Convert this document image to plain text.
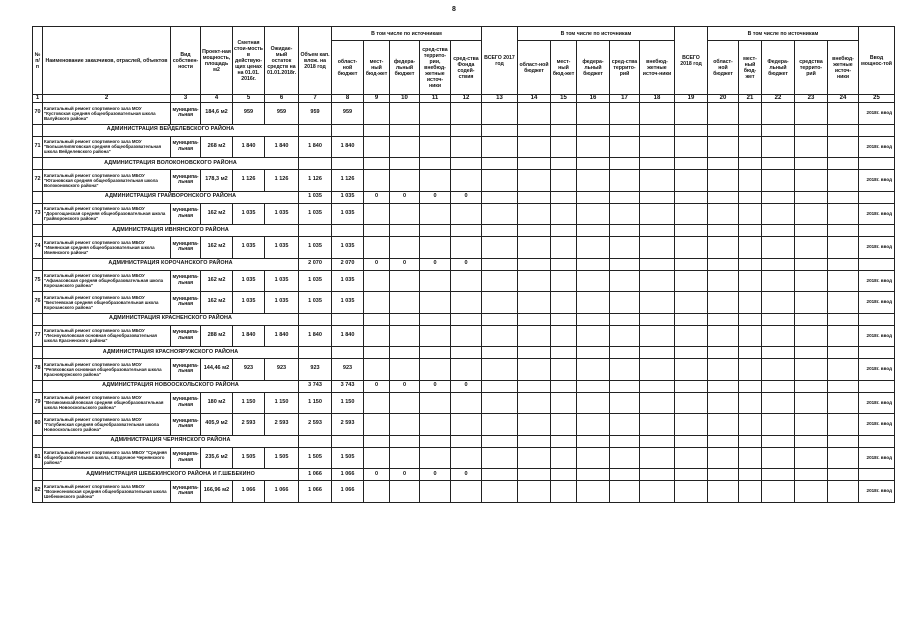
8
№ п/п	Наименование заказчиков, отраслей, объектов	Вид собствен-ности	Проект-ная мощность, площадь м2	Сметная стои-мость в действую-щих ценах на 01.01. 2016г.	Ожидае-мый остаток средств на 01.01.2018г.	Объем кап. влож. на 2018 год	В том числе по источникам					ВСЕГО 2017 год	В том числе по источникам					ВСЕГО 2018 год	В том числе по источникам					Ввод мощнос-той
							област-ной бюджет	мест-ный бюд-жет	федера-льный бюджет	сред-ства террито-рии, внебюд-жетные источ-ники	сред-ства Фонда содей-ствия		област-ной бюджет	мест-ный бюд-жет	федера-льный бюджет	сред-ства террито-рий	внебюд-жетные источ-ники		област-ной бюджет	мест-ный бюд-жет	Федера-льный бюджет	средства террито-рий	внебюд-жетные источ-ники	
1	2	3	4	5	6	7	8	9	10	11	12	13	14	15	16	17	18	19	20	21	22	23	24	25
70	Капитальный ремонт спортивного зала МОУ "Кустовская средняя общеобразовательная школа Валуйского района"	муниципа-льная	184,6 м2	959	959	959	959																	2018г. ввод
	АДМИНИСТРАЦИЯ ВЕЙДЕЛЕВСКОГО РАЙОНА																							
71	Капитальный ремонт спортивного зала МОУ "Большелипяговская средняя общеобразовательная школа Вейделевского района"	муниципа-льная	268 м2	1 840	1 840	1 840	1 840																	2018г. ввод
	АДМИНИСТРАЦИЯ ВОЛОКОНОВСКОГО РАЙОНА																							
72	Капитальный ремонт спортивного зала МБОУ "Ютановская средняя общеобразовательная школа Волоконовского района"	муниципа-льная	178,3 м2	1 126	1 126	1 126	1 126																	2018г. ввод
	АДМИНИСТРАЦИЯ ГРАЙВОРОНСКОГО РАЙОНА					1 035	1 035	0	0	0	0													
73	Капитальный ремонт спортивного зала МБОУ "Дорогощанская средняя общеобразовательная школа Грайворонского района"	муниципа-льная	162 м2	1 035	1 035	1 035	1 035																	2018г. ввод
	АДМИНИСТРАЦИЯ ИВНЯНСКОГО РАЙОНА																							
74	Капитальный ремонт спортивного зала МБОУ "Ивнянская средняя общеобразовательная школа Ивнянского района"	муниципа-льная	162 м2	1 035	1 035	1 035	1 035																	2018г. ввод
	АДМИНИСТРАЦИЯ КОРОЧАНСКОГО РАЙОНА					2 070	2 070	0	0	0	0													
75	Капитальный ремонт спортивного зала МБОУ "Афанасовская средняя общеобразовательная школа Корочанского района"	муниципа-льная	162 м2	1 035	1 035	1 035	1 035																	2018г. ввод
76	Капитальный ремонт спортивного зала МБОУ "Бехтеевская средняя общеобразовательная школа Корочанского района"	муниципа-льная	162 м2	1 035	1 035	1 035	1 035																	2018г. ввод
	АДМИНИСТРАЦИЯ КРАСНЕНСКОГО РАЙОНА																							
77	Капитальный ремонт спортивного зала МБОУ "Лесноуколовская основная общеобразовательная школа Красненского района"	муниципа-льная	288 м2	1 840	1 840	1 840	1 840																	2018г. ввод
	АДМИНИСТРАЦИЯ КРАСНОЯРУЖСКОГО РАЙОНА																							
78	Капитальный ремонт спортивного зала МОУ "Репяховская основная общеобразовательная школа Краснояружского района"	муниципа-льная	144,46 м2	923	923	923	923																	2018г. ввод
	АДМИНИСТРАЦИЯ НОВООСКОЛЬСКОГО РАЙОНА					3 743	3 743	0	0	0	0													
79	Капитальный ремонт спортивного зала МОУ "Великомихайловская средняя общеобразовательная школа Новооскольского района"	муниципа-льная	180 м2	1 150	1 150	1 150	1 150																	2018г. ввод
80	Капитальный ремонт спортивного зала МОУ "Голубинская средняя общеобразовательная школа Новооскольского района"	муниципа-льная	405,9 м2	2 593	2 593	2 593	2 593																	2018г. ввод
	АДМИНИСТРАЦИЯ ЧЕРНЯНСКОГО РАЙОНА																							
81	Капитальный ремонт спортивного зала МБОУ "Средняя общеобразовательная школа, с.Ездочное Чернянского района"	муниципа-льная	235,6 м2	1 505	1 505	1 505	1 505																	2018г. ввод
	АДМИНИСТРАЦИЯ ШЕБЕКИНСКОГО РАЙОНА И Г.ШЕБЕКИНО					1 066	1 066	0	0	0	0													
82	Капитальный ремонт спортивного зала МБОУ "Вознесеновская средняя общеобразовательная школа Шебекинского района"	муниципа-льная	166,96 м2	1 066	1 066	1 066	1 066																	2018г. ввод
